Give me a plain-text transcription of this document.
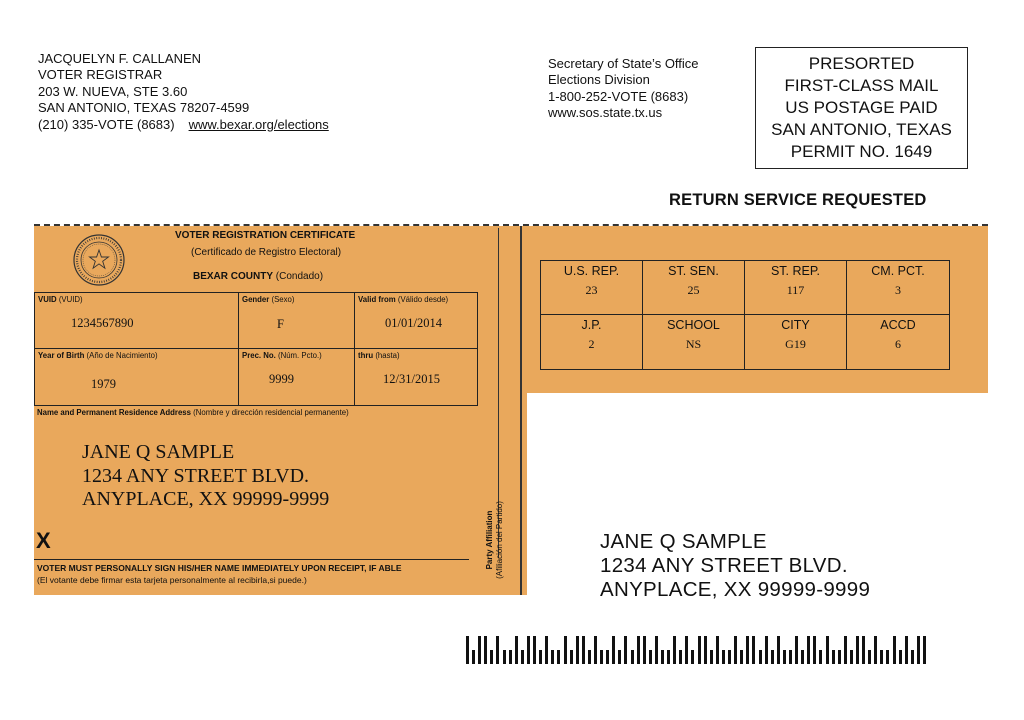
JACQUELYN F. CALLANEN
VOTER REGISTRAR
203 W. NUEVA, STE 3.60
SAN ANTONIO, TEXAS 78207-4599
(210) 335-VOTE (8683) www.bexar.org/elections
Secretary of State’s Office
Elections Division
1-800-252-VOTE (8683)
www.sos.state.tx.us
PRESORTED
FIRST-CLASS MAIL
US POSTAGE PAID
SAN ANTONIO, TEXAS
PERMIT NO. 1649
RETURN SERVICE REQUESTED
VOTER REGISTRATION CERTIFICATE
(Certificado de Registro Electoral)
BEXAR COUNTY (Condado)
VUID (VUID)
1234567890
Gender (Sexo)
F
Valid from (Válido desde)
01/01/2014
Year of Birth (Año de Nacimiento)
1979
Prec. No. (Núm. Pcto.)
9999
thru (hasta)
12/31/2015
Name and Permanent Residence Address (Nombre y dirección residencial permanente)
JANE Q SAMPLE
1234 ANY STREET BLVD.
ANYPLACE, XX 99999-9999
X
VOTER MUST PERSONALLY SIGN HIS/HER NAME IMMEDIATELY UPON RECEIPT, IF ABLE
(El votante debe firmar esta tarjeta personalmente al recibirla,si puede.)
Party Affiliation
(Afiliación del Partido)
U.S. REP.
23
ST. SEN.
25
ST. REP.
117
CM. PCT.
3
J.P.
2
SCHOOL
NS
CITY
G19
ACCD
6
JANE Q SAMPLE
1234 ANY STREET BLVD.
ANYPLACE, XX 99999-9999
